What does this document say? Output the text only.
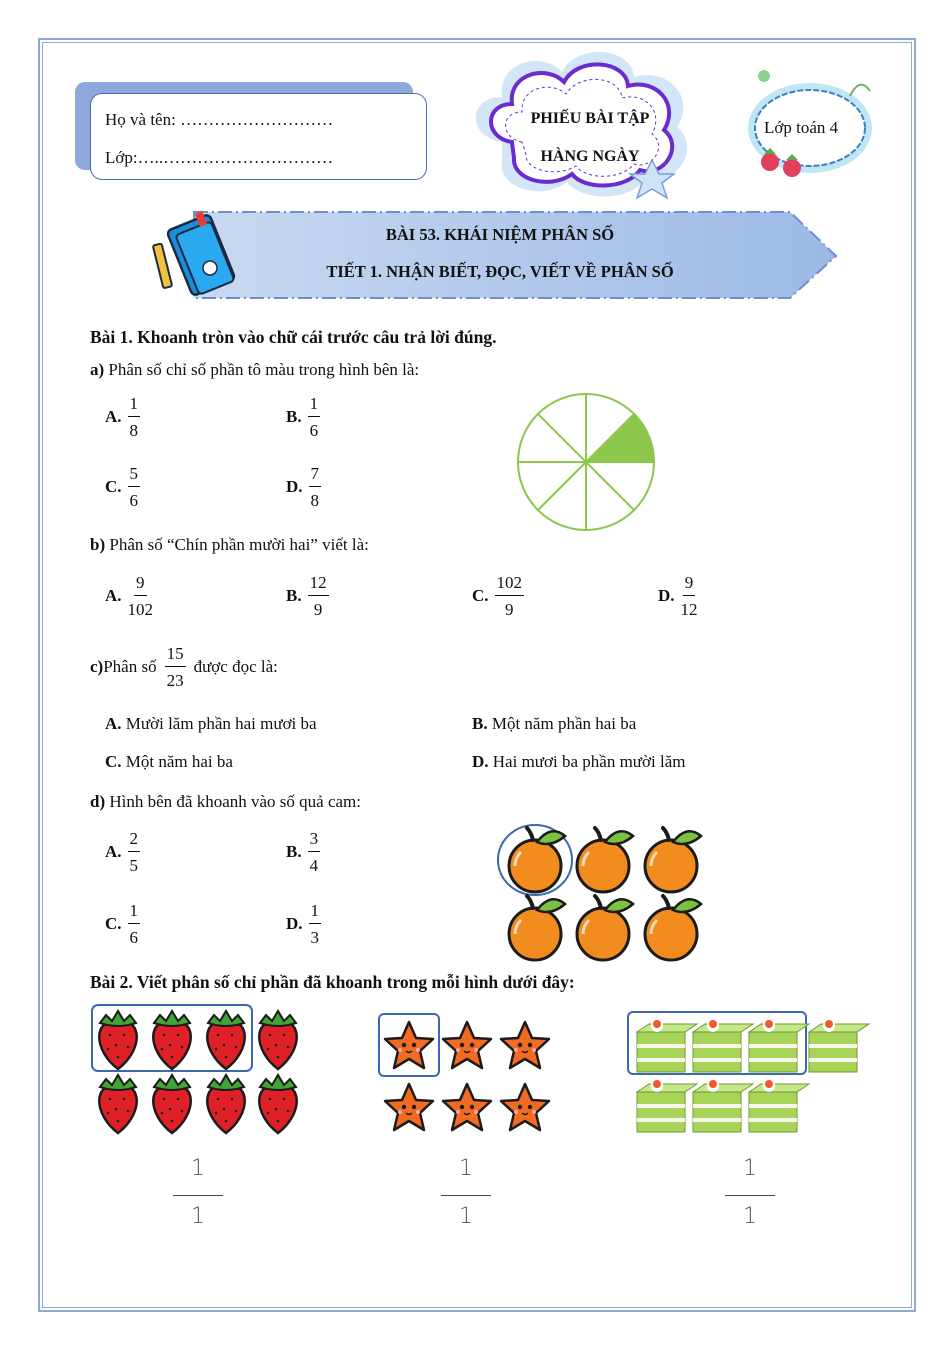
Họ và tên: ………………………
Lớp:…..…………………………
PHIẾU BÀI TẬP
HÀNG NGÀY
Lớp toán 4
BÀI 53. KHÁI NIỆM PHÂN SỐ
TIẾT 1. NHẬN BIẾT, ĐỌC, VIẾT VỀ PHÂN SỐ
Bài 1. Khoanh tròn vào chữ cái trước câu trả lời đúng.
a) Phân số chỉ số phần tô màu trong hình bên là:
A. $\frac{1}{8}$	B. $\frac{1}{6}$
C. $\frac{5}{6}$	D. $\frac{7}{8}$
b) Phân số “Chín phần mười hai” viết là:
A. $\frac{9}{102}$	B. $\frac{12}{9}$	C. $\frac{102}{9}$	D. $\frac{9}{12}$
c) Phân số $\frac{15}{23}$ được đọc là:
A. Mười lăm phần hai mươi ba	B. Một năm phần hai ba
C. Một năm hai ba	D. Hai mươi ba phần mười lăm
d) Hình bên đã khoanh vào số quả cam:
A. $\frac{2}{5}$	B. $\frac{3}{4}$
C. $\frac{1}{6}$	D. $\frac{1}{3}$
Bài 2. Viết phân số chỉ phần đã khoanh trong mỗi hình dưới đây:
1
1
1
1
1
1
